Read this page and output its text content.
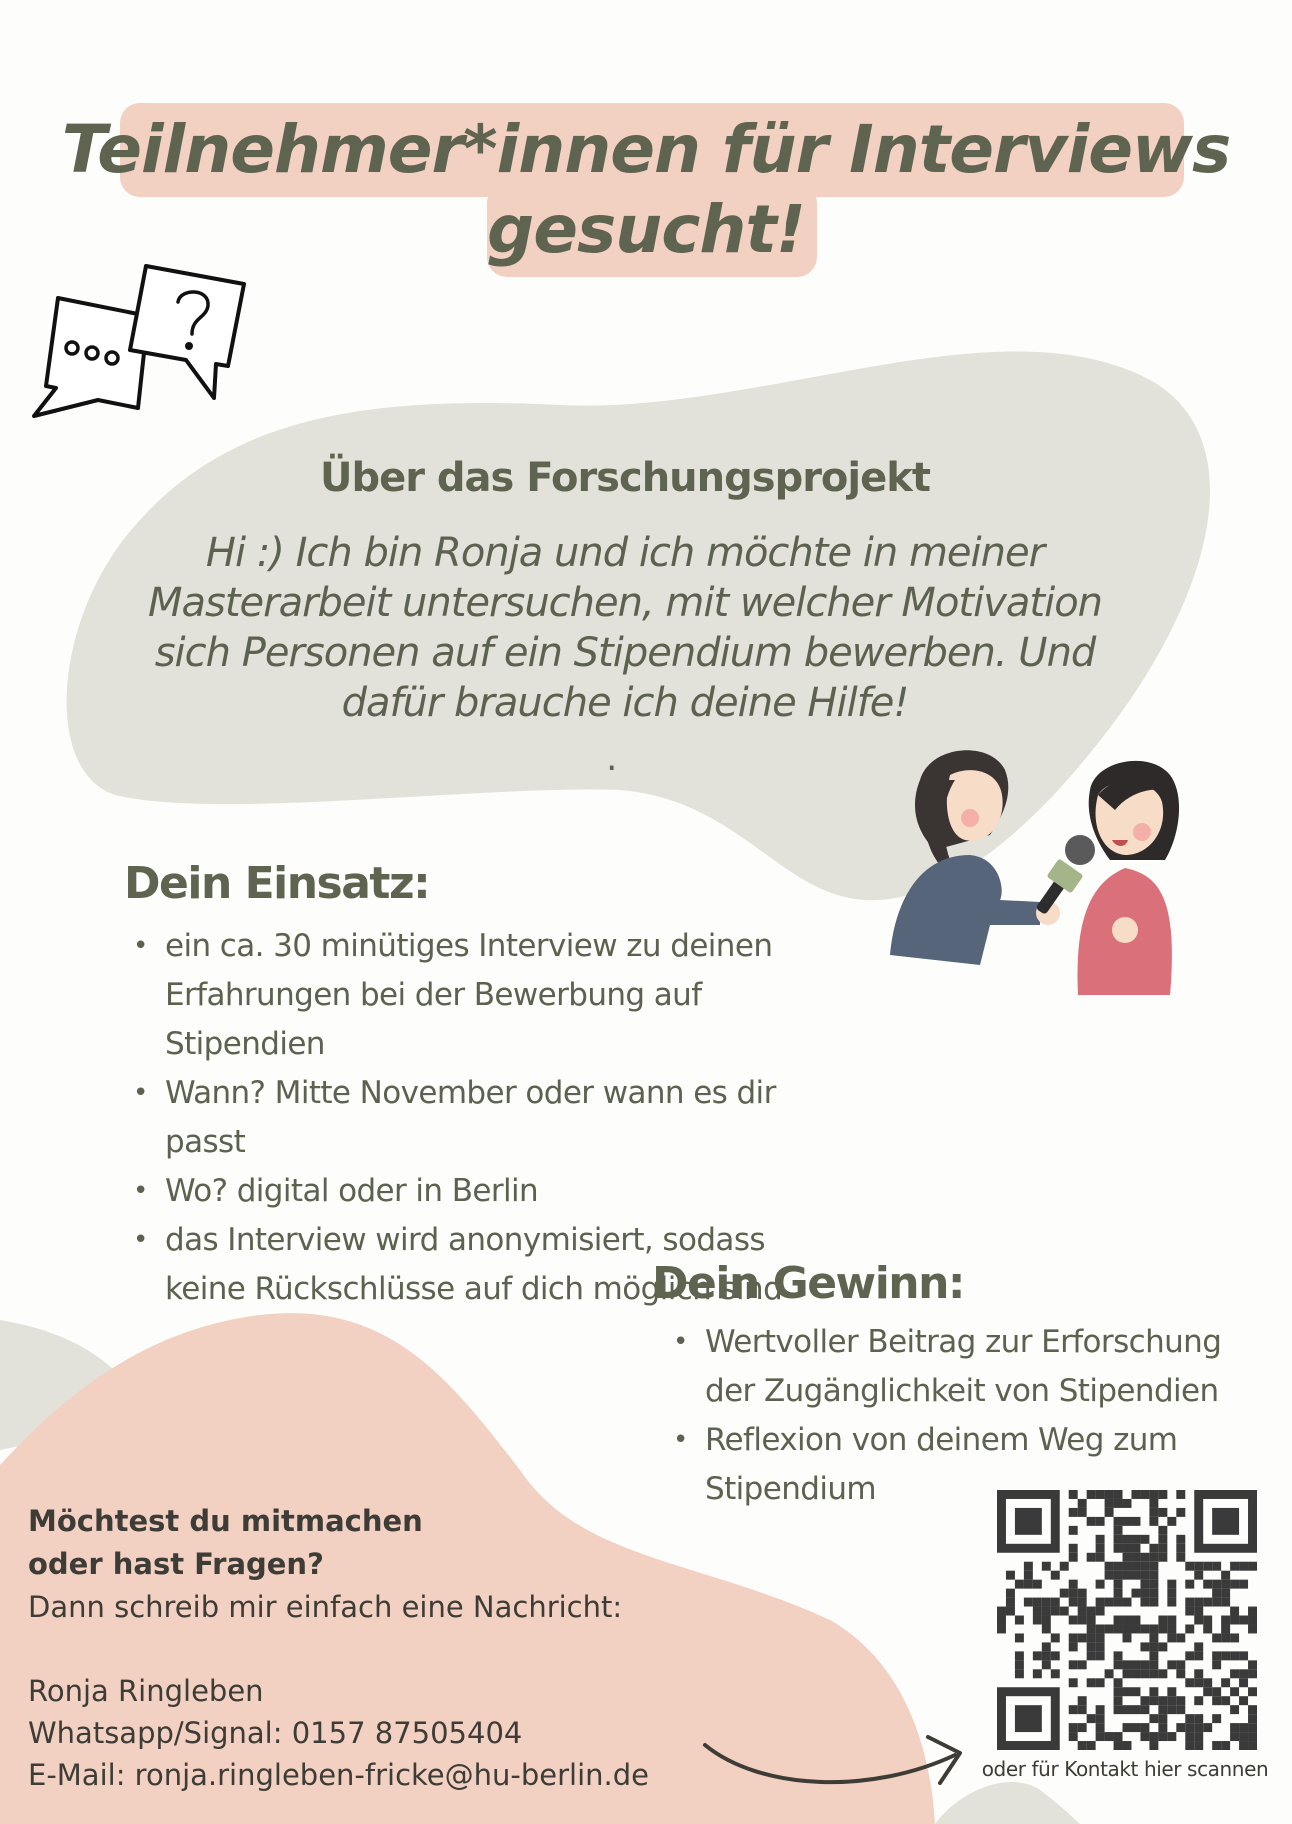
Teilnehmer*innen für Interviews
gesucht!
Über das Forschungsprojekt
Hi :) Ich bin Ronja und ich möchte in meiner Masterarbeit untersuchen, mit welcher Motivation sich Personen auf ein Stipendium bewerben. Und dafür brauche ich deine Hilfe!
.
Dein Einsatz:
• ein ca. 30 minütiges Interview zu deinen Erfahrungen bei der Bewerbung auf Stipendien
• Wann? Mitte November oder wann es dir passt
• Wo? digital oder in Berlin
• das Interview wird anonymisiert, sodass keine Rückschlüsse auf dich möglich sind
Dein Gewinn:
• Wertvoller Beitrag zur Erforschung der Zugänglichkeit von Stipendien
• Reflexion von deinem Weg zum Stipendium
Möchtest du mitmachen
oder hast Fragen?
Dann schreib mir einfach eine Nachricht:
Ronja Ringleben
Whatsapp/Signal: 0157 87505404
E-Mail: ronja.ringleben-fricke@hu-berlin.de	oder für Kontakt hier scannen
